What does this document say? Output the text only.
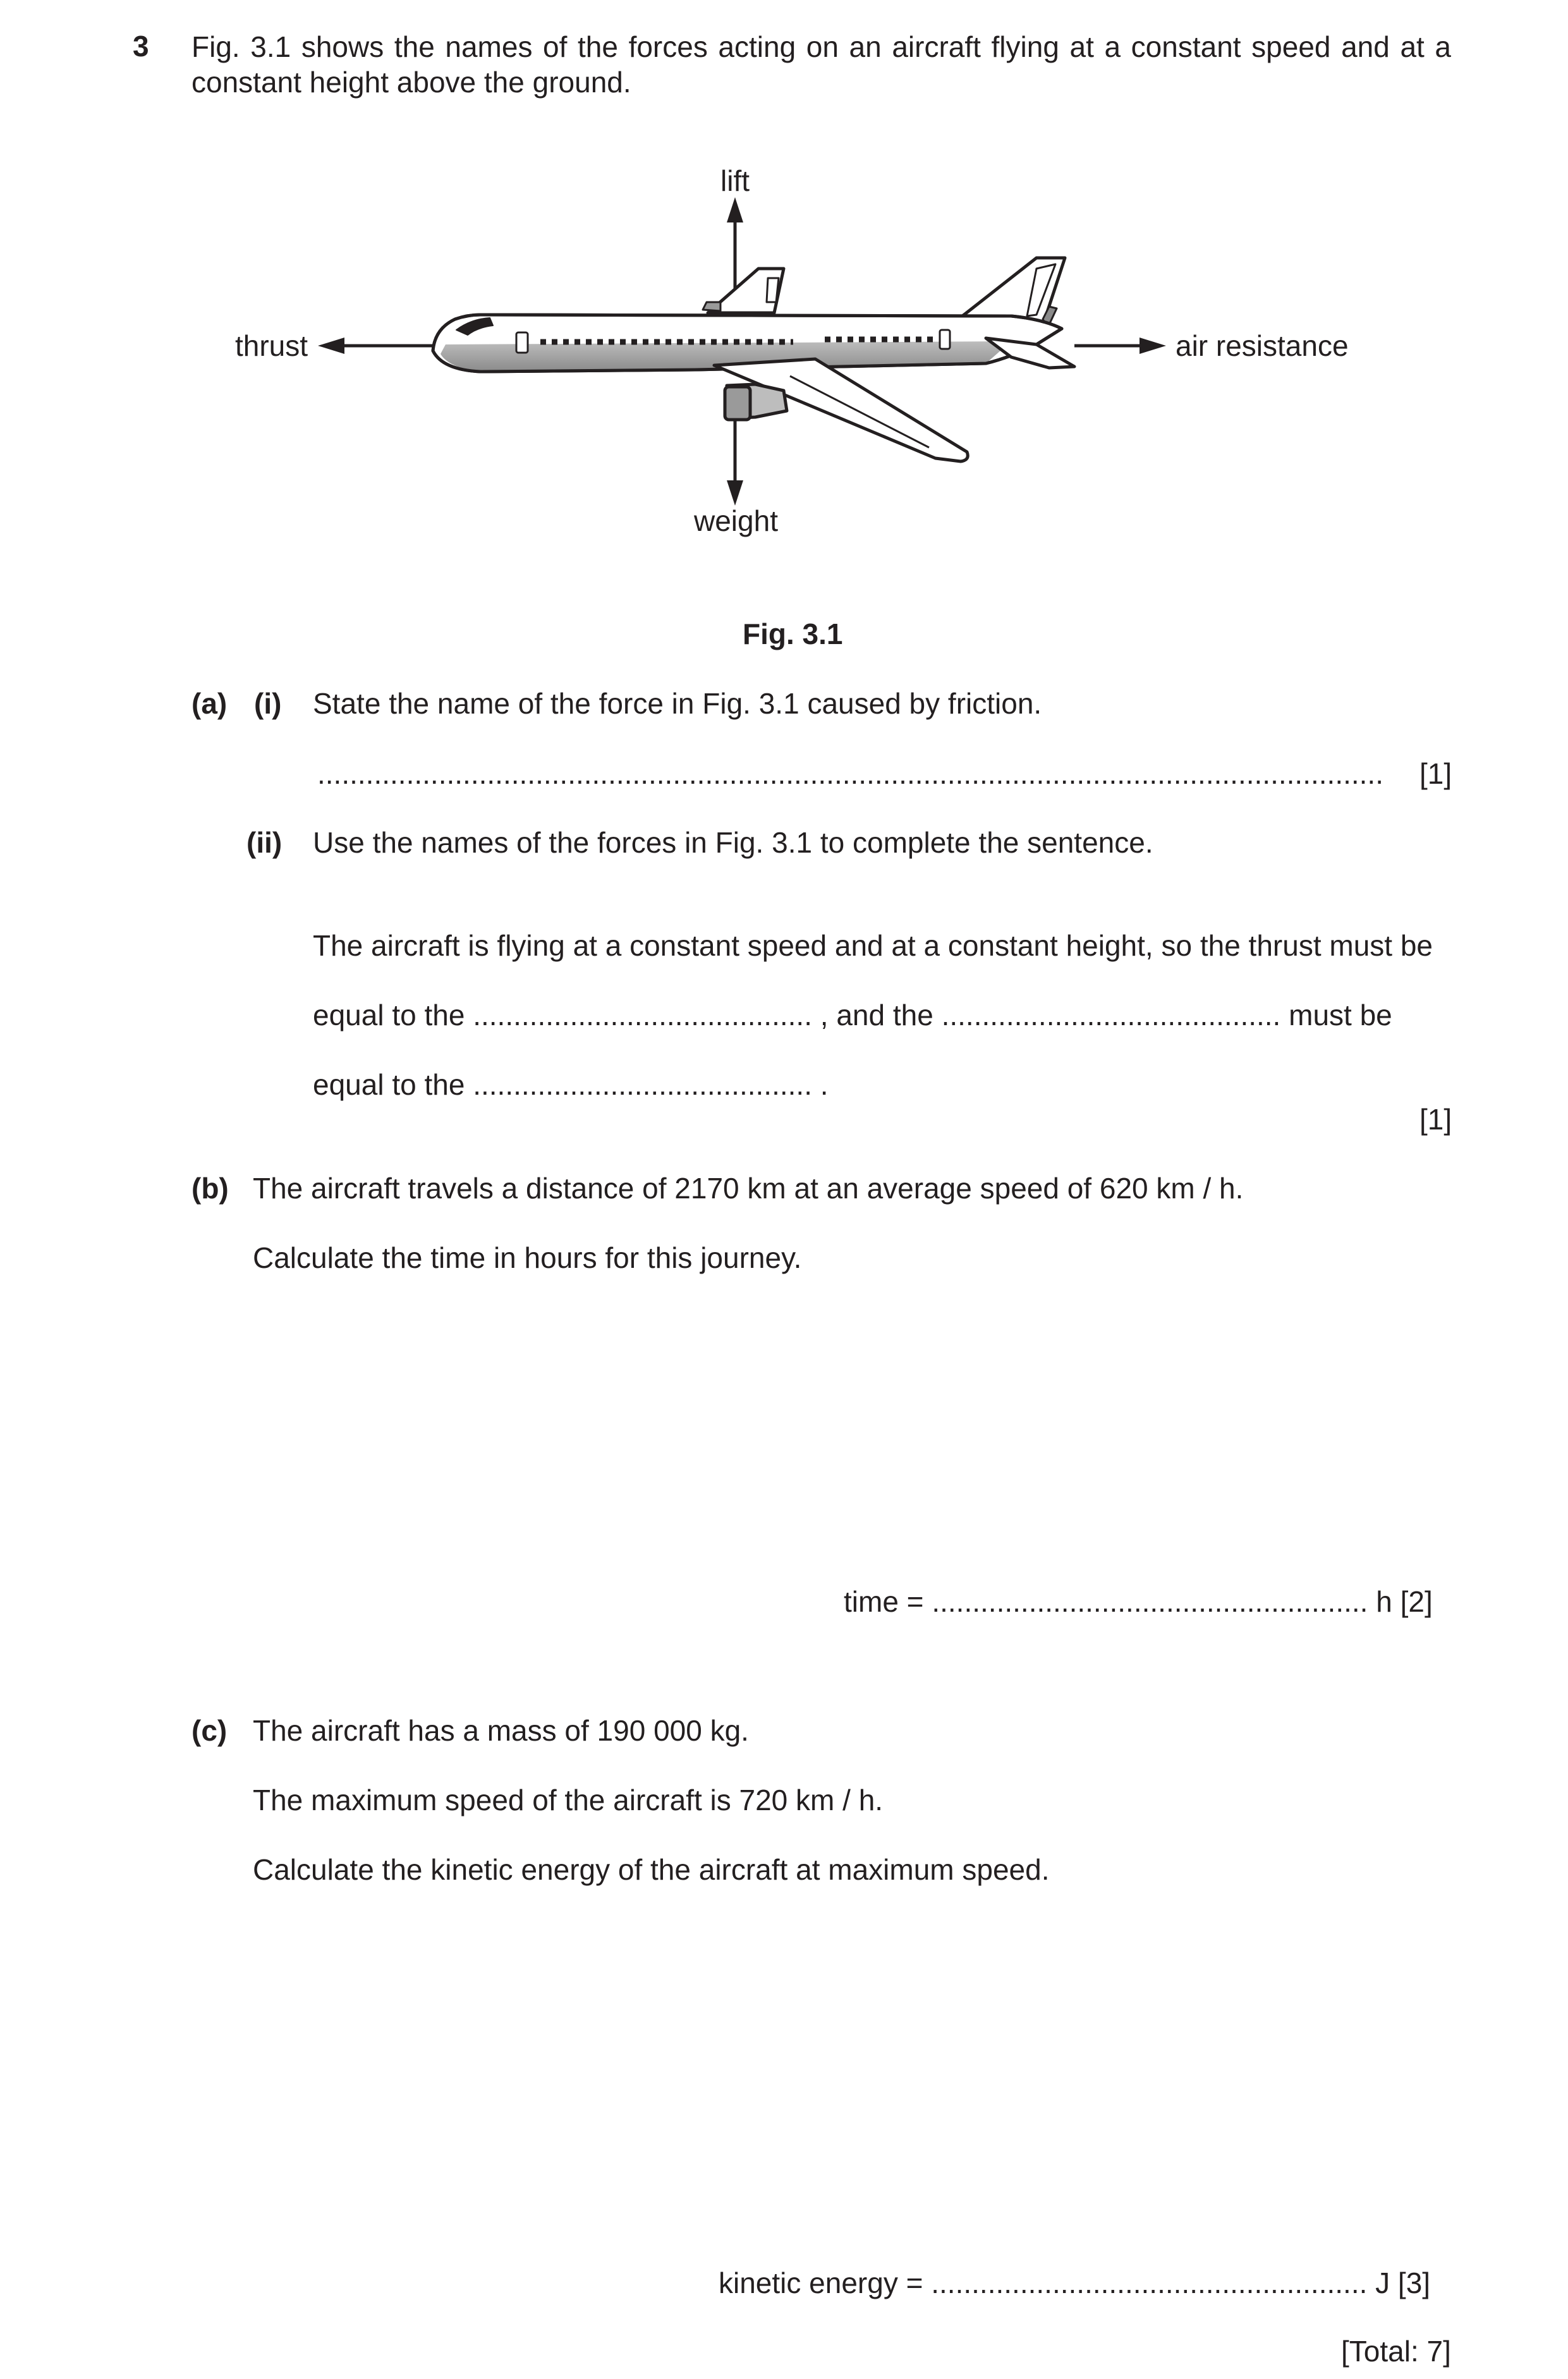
3 Fig. 3.1 shows the names of the forces acting on an aircraft flying at a constant speed and at a constant height above the ground.

lift
thrust	air resistance
weight
Fig. 3.1
(a) (i) State the name of the force in Fig. 3.1 caused by friction.
.................................................................................................................................... [1]
(ii) Use the names of the forces in Fig. 3.1 to complete the sentence.
The aircraft is flying at a constant speed and at a constant height, so the thrust must be
equal to the .......................................... , and the .......................................... must be
equal to the .......................................... .
[1]
(b) The aircraft travels a distance of 2170 km at an average speed of 620 km / h.
Calculate the time in hours for this journey.
time = ...................................................... h [2]
(c) The aircraft has a mass of 190 000 kg.
The maximum speed of the aircraft is 720 km / h.
Calculate the kinetic energy of the aircraft at maximum speed.
kinetic energy = ...................................................... J [3]
[Total: 7]
